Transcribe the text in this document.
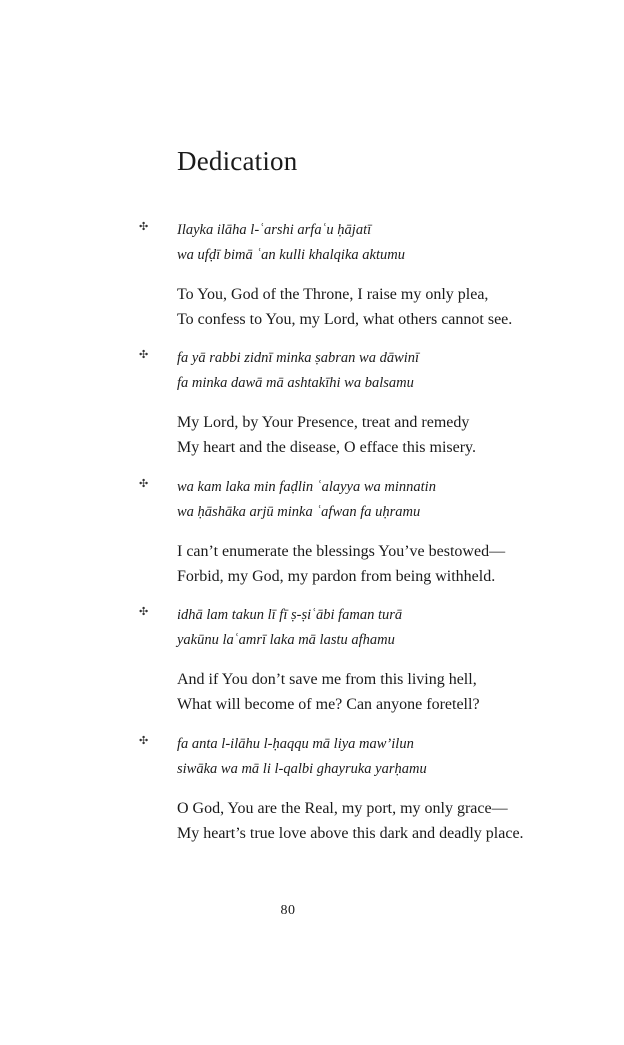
Dedication
✣ Ilayka ilāha l-ʿarshi arfaʿu ḥājatī
wa ufḍī bimā ʿan kulli khalqika aktumu
To You, God of the Throne, I raise my only plea,
To confess to You, my Lord, what others cannot see.
✣ fa yā rabbi zidnī minka ṣabran wa dāwinī
fa minka dawā mā ashtakīhi wa balsamu
My Lord, by Your Presence, treat and remedy
My heart and the disease, O efface this misery.
✣ wa kam laka min faḍlin ʿalayya wa minnatin
wa ḥāshāka arjū minka ʿafwan fa uḥramu
I can’t enumerate the blessings You’ve bestowed—
Forbid, my God, my pardon from being withheld.
✣ idhā lam takun lī fī ṣ-ṣiʿābi faman turā
yakūnu laʿamrī laka mā lastu afhamu
And if You don’t save me from this living hell,
What will become of me? Can anyone foretell?
✣ fa anta l-ilāhu l-ḥaqqu mā liya maw’ilun
siwāka wa mā li l-qalbi ghayruka yarḥamu
O God, You are the Real, my port, my only grace—
My heart’s true love above this dark and deadly place.
80
